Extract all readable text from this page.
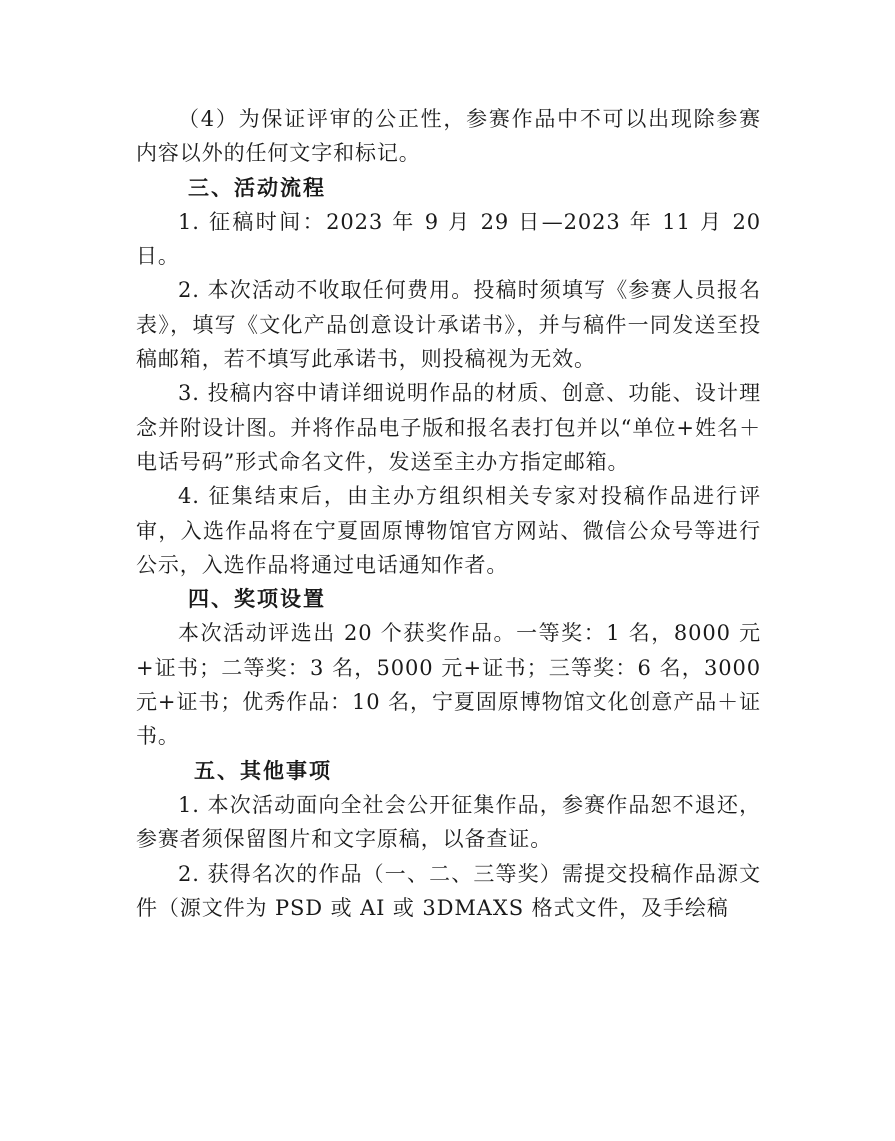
（4）为保证评审的公正性，参赛作品中不可以出现除参赛内容以外的任何文字和标记。

三、活动流程

1. 征稿时间：2023 年 9 月 29 日—2023 年 11 月 20 日。

2. 本次活动不收取任何费用。投稿时须填写《参赛人员报名表》，填写《文化产品创意设计承诺书》，并与稿件一同发送至投稿邮箱，若不填写此承诺书，则投稿视为无效。

3. 投稿内容中请详细说明作品的材质、创意、功能、设计理念并附设计图。并将作品电子版和报名表打包并以“单位+姓名＋电话号码”形式命名文件，发送至主办方指定邮箱。

4. 征集结束后，由主办方组织相关专家对投稿作品进行评审，入选作品将在宁夏固原博物馆官方网站、微信公众号等进行公示，入选作品将通过电话通知作者。

四、奖项设置

本次活动评选出 20 个获奖作品。一等奖：1 名，8000 元+证书；二等奖：3 名，5000 元+证书；三等奖：6 名，3000 元+证书；优秀作品：10 名，宁夏固原博物馆文化创意产品＋证书。

五、其他事项

1. 本次活动面向全社会公开征集作品，参赛作品恕不退还，参赛者须保留图片和文字原稿，以备查证。

2. 获得名次的作品（一、二、三等奖）需提交投稿作品源文件（源文件为 PSD 或 AI 或 3DMAXS 格式文件，及手绘稿
